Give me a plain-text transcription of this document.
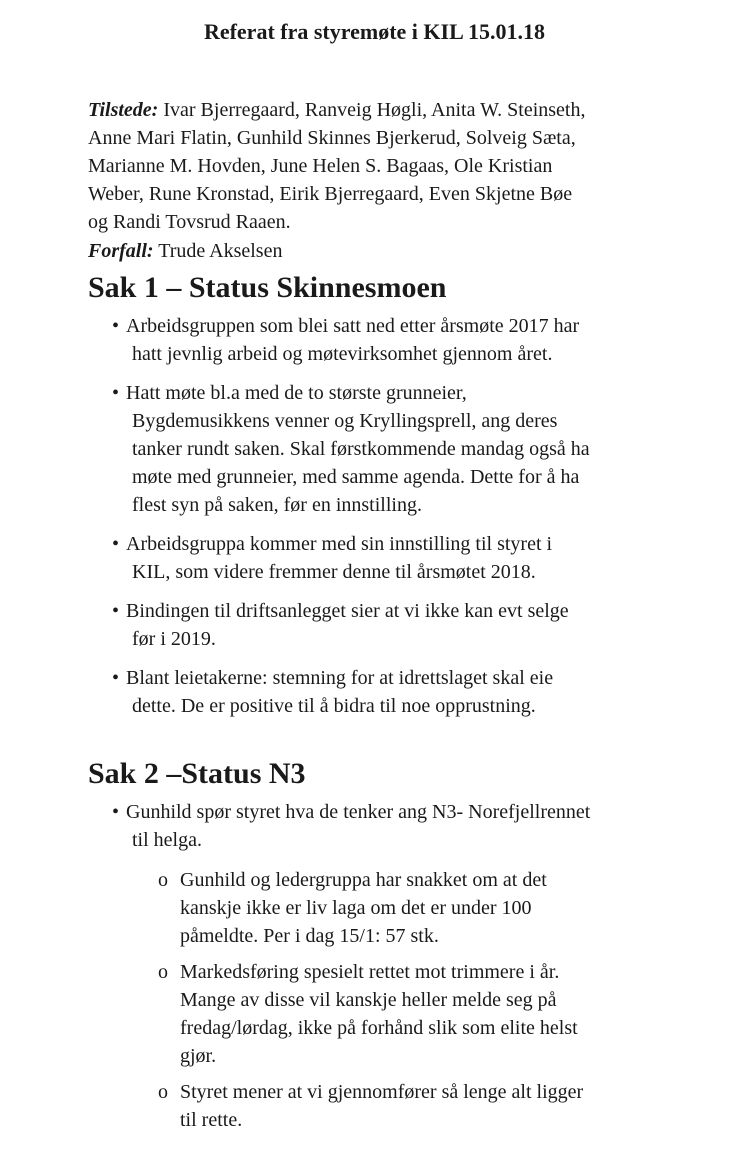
Referat fra styremøte i KIL 15.01.18

Tilstede: Ivar Bjerregaard, Ranveig Høgli, Anita W. Steinseth,
Anne Mari Flatin, Gunhild Skinnes Bjerkerud, Solveig Sæta,
Marianne M. Hovden, June Helen S. Bagaas, Ole Kristian
Weber, Rune Kronstad, Eirik Bjerregaard, Even Skjetne Bøe
og Randi Tovsrud Raaen.

Forfall: Trude Akselsen

Sak 1 – Status Skinnesmoen
• Arbeidsgruppen som blei satt ned etter årsmøte 2017 har
hatt jevnlig arbeid og møtevirksomhet gjennom året.
• Hatt møte bl.a med de to største grunneier,
Bygdemusikkens venner og Kryllingsprell, ang deres
tanker rundt saken. Skal førstkommende mandag også ha
møte med grunneier, med samme agenda. Dette for å ha
flest syn på saken, før en innstilling.
• Arbeidsgruppa kommer med sin innstilling til styret i
KIL, som videre fremmer denne til årsmøtet 2018.
• Bindingen til driftsanlegget sier at vi ikke kan evt selge
før i 2019.
• Blant leietakerne: stemning for at idrettslaget skal eie
dette. De er positive til å bidra til noe opprustning.
Sak 2 –Status N3
• Gunhild spør styret hva de tenker ang N3- Norefjellrennet
til helga.
o Gunhild og ledergruppa har snakket om at det
kanskje ikke er liv laga om det er under 100
påmeldte. Per i dag 15/1: 57 stk.
o Markedsføring spesielt rettet mot trimmere i år.
Mange av disse vil kanskje heller melde seg på
fredag/lørdag, ikke på forhånd slik som elite helst
gjør.
o Styret mener at vi gjennomfører så lenge alt ligger
til rette.
